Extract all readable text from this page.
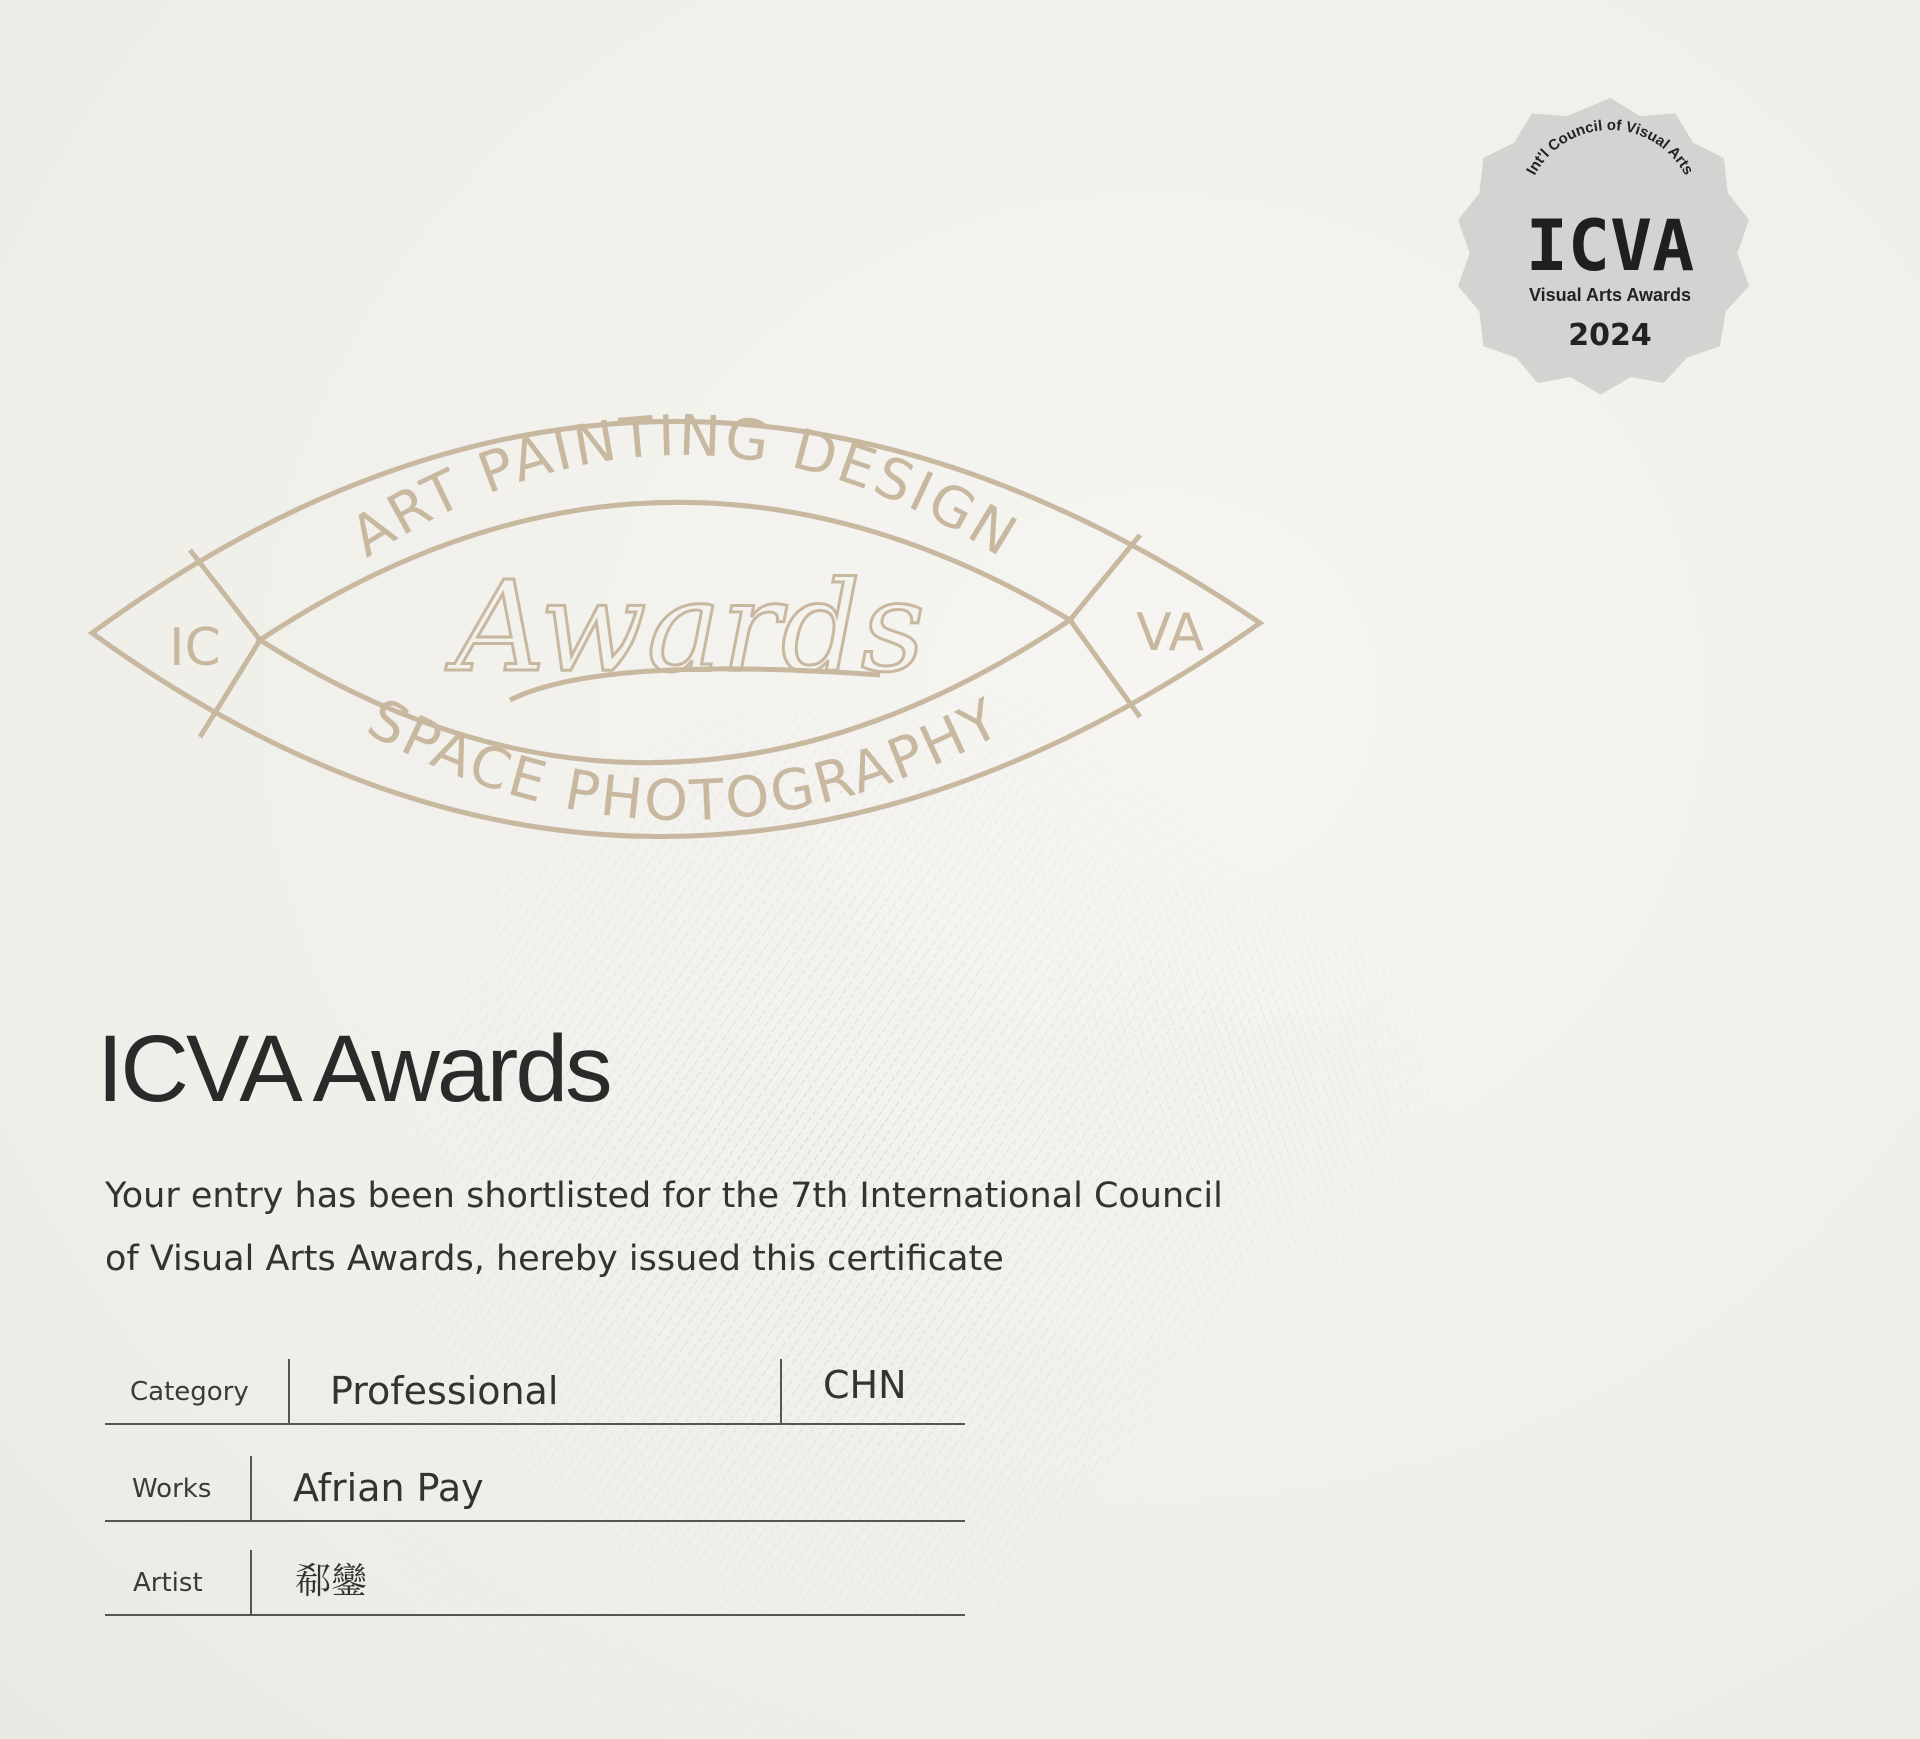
Int'l Council of Visual Arts
ICVA
Visual Arts Awards
2024
ART PAINTING DESIGN
SPACE PHOTOGRAPHY
IC	VA
Awards
ICVA Awards

Your entry has been shortlisted for the 7th International Council
of Visual Arts Awards, hereby issued this certificate

Category Professional	CHN
Works Afrian Pay
Artist	郗鑾
